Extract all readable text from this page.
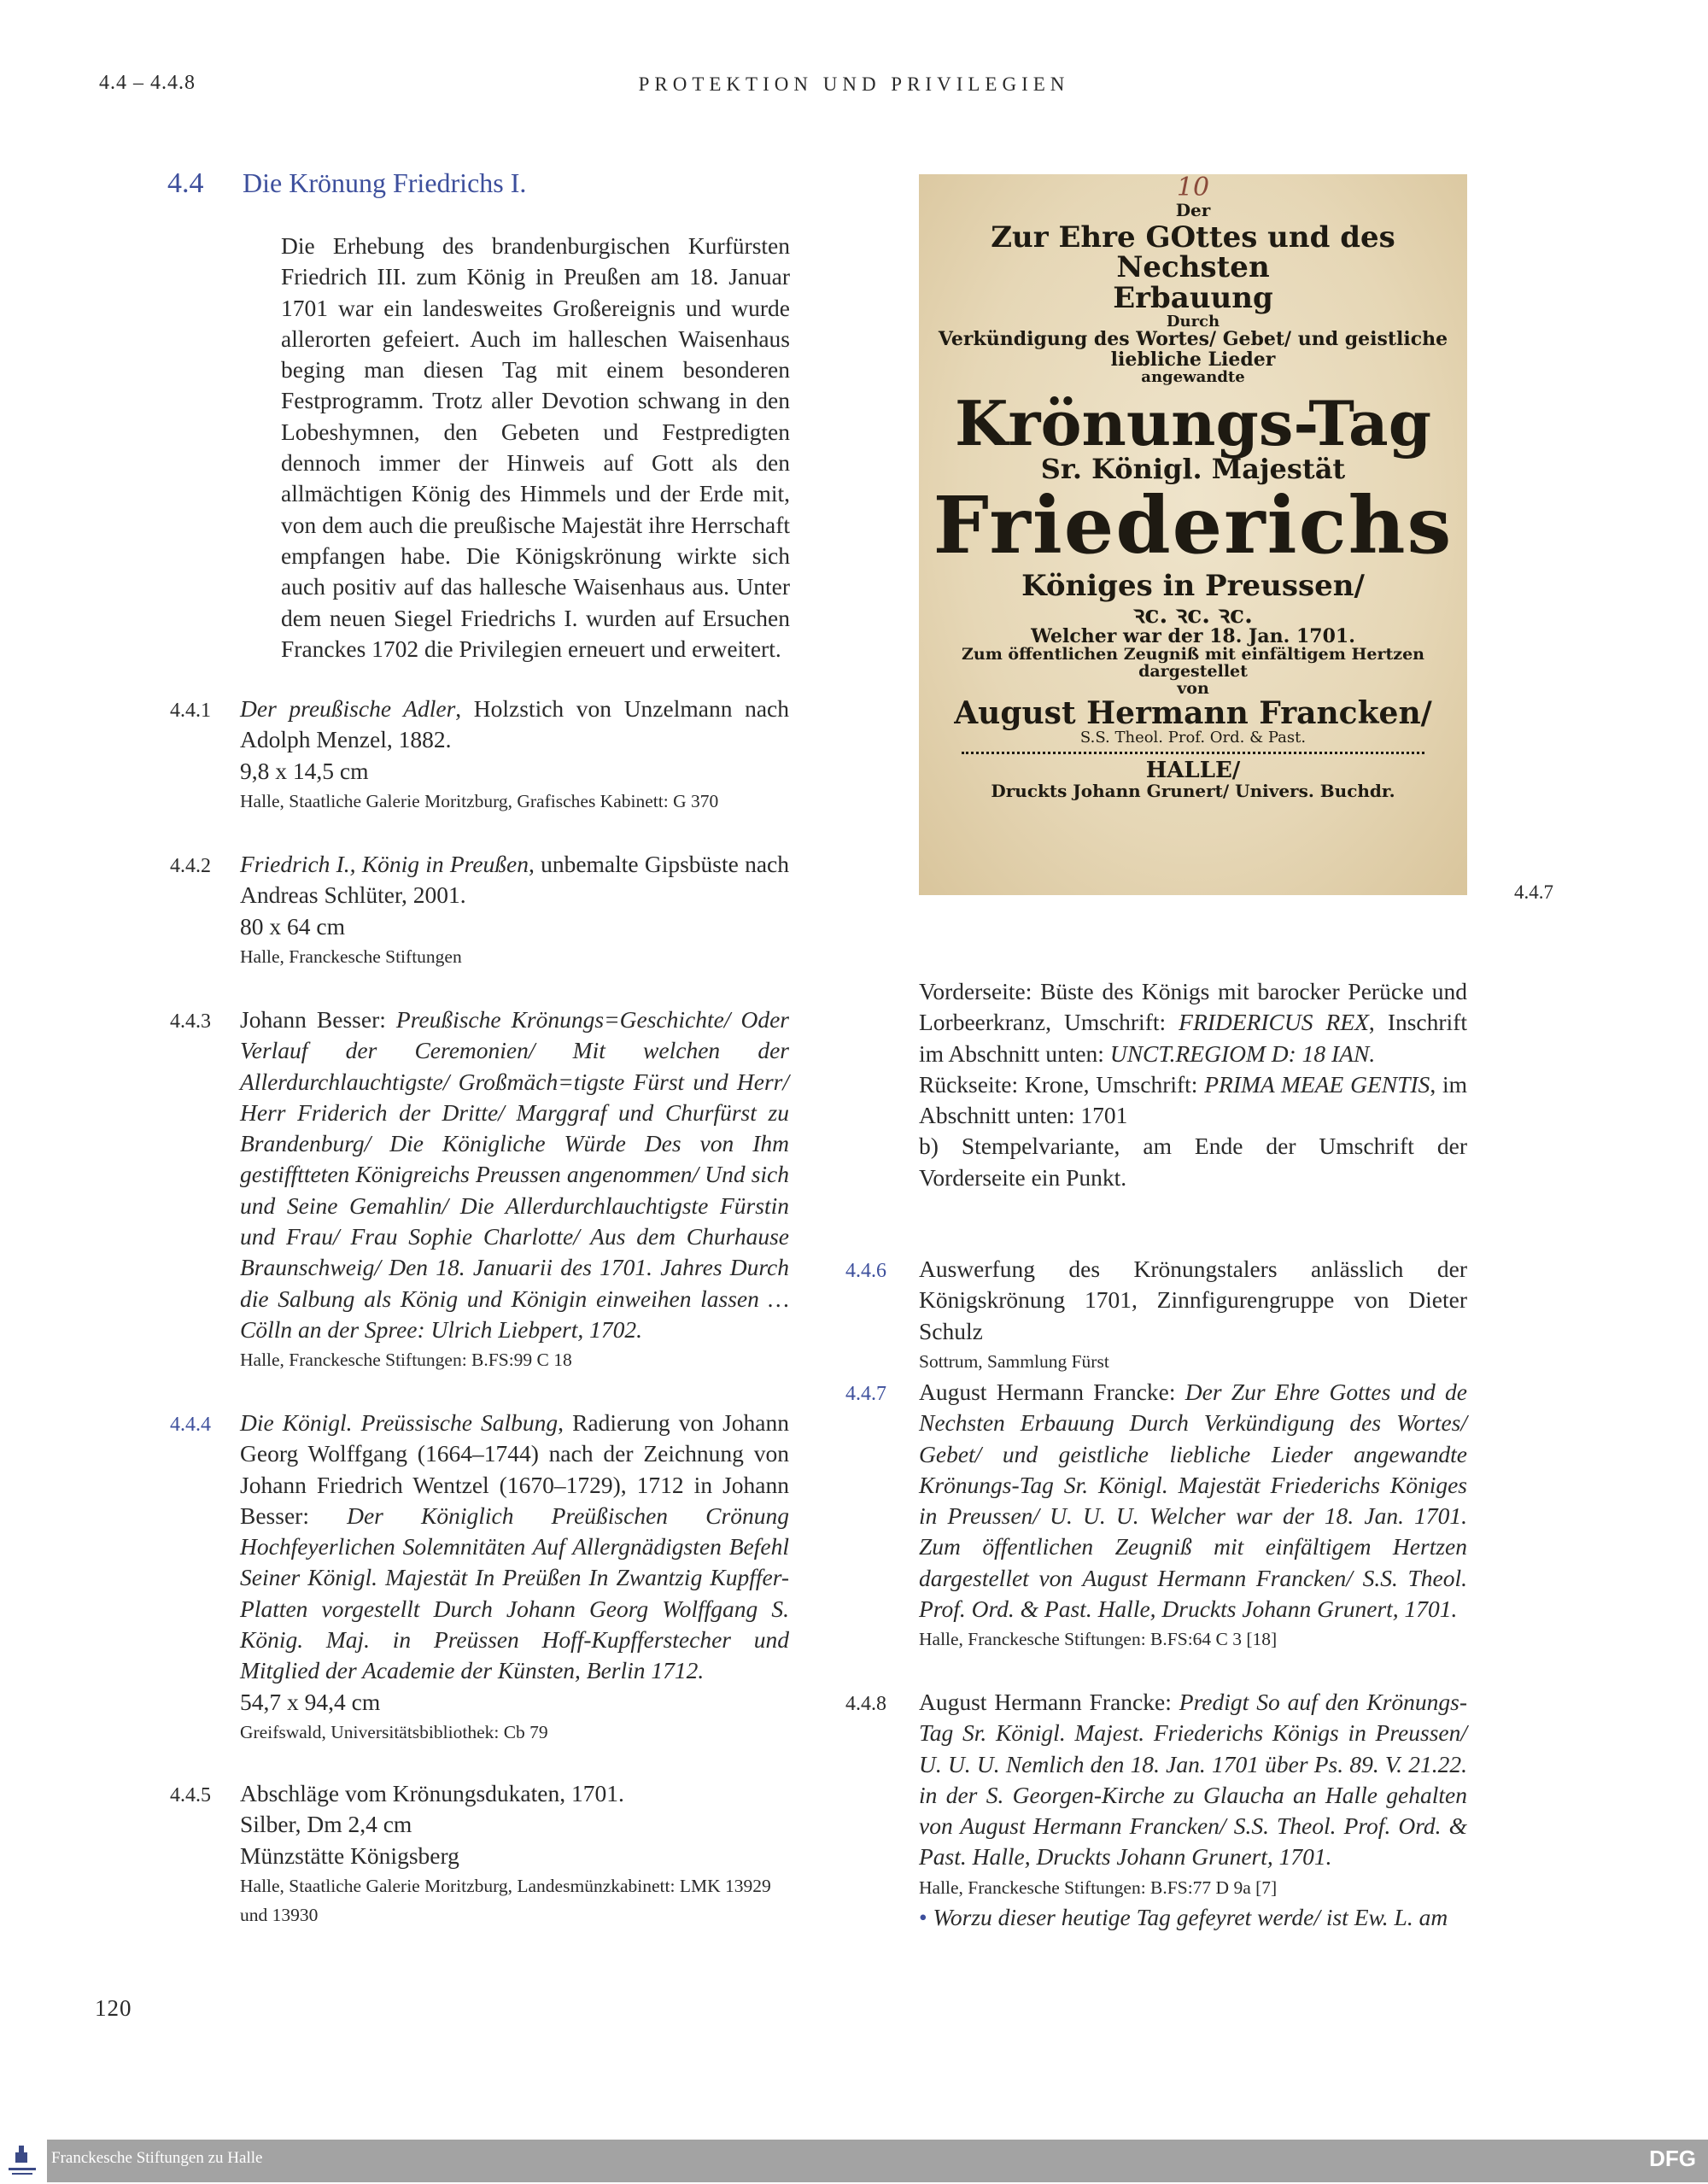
4.4 – 4.4.8	PROTEKTION UND PRIVILEGIEN
4.4 Die Krönung Friedrichs I.
Die Erhebung des brandenburgischen Kurfürsten Friedrich III. zum König in Preußen am 18. Januar 1701 war ein landesweites Großereignis und wurde allerorten gefeiert. Auch im halleschen Waisenhaus beging man diesen Tag mit einem besonderen Festprogramm. Trotz aller Devotion schwang in den Lobeshymnen, den Gebeten und Festpredigten dennoch immer der Hinweis auf Gott als den allmächtigen König des Himmels und der Erde mit, von dem auch die preußische Majestät ihre Herrschaft empfangen habe. Die Königskrönung wirkte sich auch positiv auf das hallesche Waisenhaus aus. Unter dem neuen Siegel Friedrichs I. wurden auf Ersuchen Franckes 1702 die Privilegien erneuert und erweitert.
4.4.1 Der preußische Adler, Holzstich von Unzelmann nach Adolph Menzel, 1882.
9,8 x 14,5 cm
Halle, Staatliche Galerie Moritzburg, Grafisches Kabinett: G 370
4.4.2 Friedrich I., König in Preußen, unbemalte Gipsbüste nach Andreas Schlüter, 2001.
80 x 64 cm
Halle, Franckesche Stiftungen
4.4.3 Johann Besser: Preußische Krönungs=Geschichte/ Oder Verlauf der Ceremonien/ Mit welchen der Allerdurchlauchtigste/ Großmäch=tigste Fürst und Herr/ Herr Friderich der Dritte/ Marggraf und Churfürst zu Brandenburg/ Die Königliche Würde Des von Ihm gestifftteten Königreichs Preussen angenommen/ Und sich und Seine Gemahlin/ Die Allerdurchlauchtigste Fürstin und Frau/ Frau Sophie Charlotte/ Aus dem Churhause Braunschweig/ Den 18. Januarii des 1701. Jahres Durch die Salbung als König und Königin einweihen lassen … Cölln an der Spree: Ulrich Liebpert, 1702.
Halle, Franckesche Stiftungen: B.FS:99 C 18
4.4.4 Die Königl. Preüssische Salbung, Radierung von Johann Georg Wolffgang (1664–1744) nach der Zeichnung von Johann Friedrich Wentzel (1670–1729), 1712 in Johann Besser: Der Königlich Preüßischen Crönung Hochfeyerlichen Solemnitäten Auf Allergnädigsten Befehl Seiner Königl. Majestät In Preüßen In Zwantzig Kupffer-Platten vorgestellt Durch Johann Georg Wolffgang S. König. Maj. in Preüssen Hoff-Kupfferstecher und Mitglied der Academie der Künsten, Berlin 1712.
54,7 x 94,4 cm
Greifswald, Universitätsbibliothek: Cb 79
4.4.5 Abschläge vom Krönungsdukaten, 1701.
Silber, Dm 2,4 cm
Münzstätte Königsberg
Halle, Staatliche Galerie Moritzburg, Landesmünzkabinett: LMK 13929 und 13930
10
Der
Zur Ehre GOttes und des Nechsten
Erbauung
Durch
Verkündigung des Wortes/ Gebet/ und geistliche
liebliche Lieder
angewandte
Krönungs-Tag
Sr. Königl. Majestät
Friederichs
Königes in Preussen/
ꝛc. ꝛc. ꝛc.
Welcher war der 18. Jan. 1701.
Zum öffentlichen Zeugniß mit einfältigem Hertzen
dargestellet
von
August Hermann Francken/
S.S. Theol. Prof. Ord. & Past.
HALLE/
Druckts Johann Grunert/ Univers. Buchdr.
4.4.7
Vorderseite: Büste des Königs mit barocker Perücke und Lorbeerkranz, Umschrift: FRIDERICUS REX, Inschrift im Abschnitt unten: UNCT.REGIOM D: 18 IAN.
Rückseite: Krone, Umschrift: PRIMA MEAE GENTIS, im Abschnitt unten: 1701
b) Stempelvariante, am Ende der Umschrift der Vorderseite ein Punkt.
4.4.6 Auswerfung des Krönungstalers anlässlich der Königskrönung 1701, Zinnfigurengruppe von Dieter Schulz
Sottrum, Sammlung Fürst
4.4.7 August Hermann Francke: Der Zur Ehre Gottes und de Nechsten Erbauung Durch Verkündigung des Wortes/ Gebet/ und geistliche liebliche Lieder angewandte Krönungs-Tag Sr. Königl. Majestät Friederichs Königes in Preussen/ U. U. U. Welcher war der 18. Jan. 1701. Zum öffentlichen Zeugniß mit einfältigem Hertzen dargestellet von August Hermann Francken/ S.S. Theol. Prof. Ord. & Past. Halle, Druckts Johann Grunert, 1701.
Halle, Franckesche Stiftungen: B.FS:64 C 3 [18]
4.4.8 August Hermann Francke: Predigt So auf den Krönungs-Tag Sr. Königl. Majest. Friederichs Königs in Preussen/ U. U. U. Nemlich den 18. Jan. 1701 über Ps. 89. V. 21.22. in der S. Georgen-Kirche zu Glaucha an Halle gehalten von August Hermann Francken/ S.S. Theol. Prof. Ord. & Past. Halle, Druckts Johann Grunert, 1701.
Halle, Franckesche Stiftungen: B.FS:77 D 9a [7]
• Worzu dieser heutige Tag gefeyret werde/ ist Ew. L. am
120
Franckesche Stiftungen zu Halle	DFG
